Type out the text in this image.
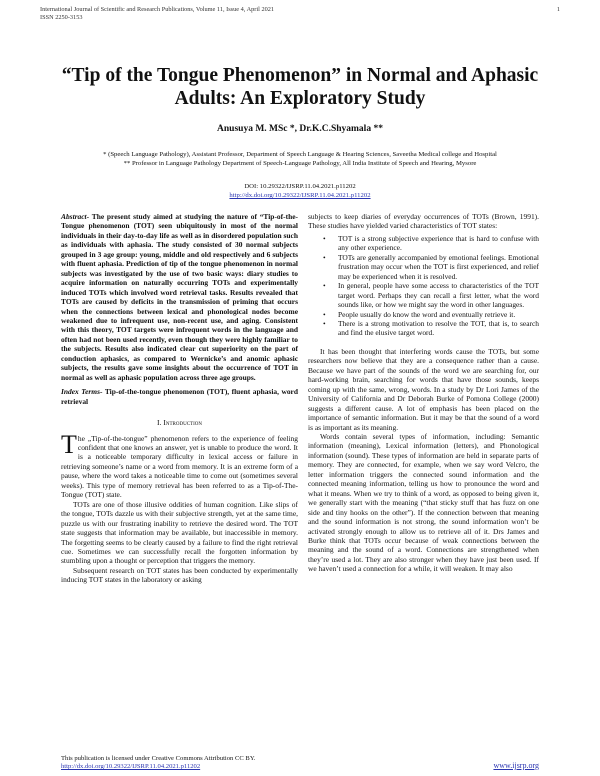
International Journal of Scientific and Research Publications, Volume 11, Issue 4, April 2021
ISSN 2250-3153
1
“Tip of the Tongue Phenomenon” in Normal and Aphasic Adults: An Exploratory Study
Anusuya M. MSc *, Dr.K.C.Shyamala **
* (Speech Language Pathology), Assistant Professor, Department of Speech Language & Hearing Sciences, Saveetha Medical college and Hospital
** Professor in Language Pathology Department of Speech-Language Pathology, All India Institute of Speech and Hearing, Mysore
DOI: 10.29322/IJSRP.11.04.2021.p11202
http://dx.doi.org/10.29322/IJSRP.11.04.2021.p11202

Abstract- The present study aimed at studying the nature of “Tip-of-the-Tongue phenomenon (TOT) seen ubiquitously in most of the normal individuals in their day-to-day life as well as in disordered population such as individuals with aphasia. The study consisted of 30 normal subjects grouped in 3 age group: young, middle and old respectively and 6 subjects with fluent aphasia. Prediction of tip of the tongue phenomenon in normal subjects was investigated by the use of two basic ways: diary studies to acquire information on naturally occurring TOTs and experimentally induced TOTs which involved word retrieval tasks. Results revealed that TOTs are caused by deficits in the transmission of priming that occurs when the connections between lexical and phonological nodes become weakened due to infrequent use, non-recent use, and aging. Consistent with this theory, TOT targets were infrequent words in the language and often had not been used recently, even though they were highly familiar to the subjects. Results also indicated clear cut superiority on the part of conduction aphasics, as compared to Wernicke’s and anomic aphasic subjects, the results gave some insights about the occurrence of TOT in normal as well as aphasic population across three age groups.

Index Terms- Tip-of-the-tongue phenomenon (TOT), fluent aphasia, word retrieval

I. Introduction

The „Tip-of-the-tongue” phenomenon refers to the experience of feeling confident that one knows an answer, yet is unable to produce the word. It is a noticeable temporary difficulty in lexical access or failure in retrieving someone’s name or a word from memory. It is an extreme form of a pause, where the word takes a noticeable time to come out (sometimes several weeks). This type of memory retrieval has been referred to as a Tip-of-The-Tongue (TOT) state.

TOTs are one of those illusive oddities of human cognition. Like slips of the tongue, TOTs dazzle us with their subjective strength, yet at the same time, puzzle us with our frustrating inability to retrieve the desired word. The TOT state suggests that information may be available, but inaccessible in memory. The forgetting seems to be clearly caused by a failure to find the right retrieval cue. Sometimes we can successfully recall the forgotten information by stumbling upon a thought or perception that triggers the memory.

Subsequent research on TOT states has been conducted by experimentally inducing TOT states in the laboratory or asking

subjects to keep diaries of everyday occurrences of TOTs (Brown, 1991). These studies have yielded varied characteristics of TOT states:

• TOT is a strong subjective experience that is hard to confuse with any other experience.
• TOTs are generally accompanied by emotional feelings. Emotional frustration may occur when the TOT is first experienced, and relief may be experienced when it is resolved.
• In general, people have some access to characteristics of the TOT target word. Perhaps they can recall a first letter, what the word sounds like, or how we might say the word in other languages.
• People usually do know the word and eventually retrieve it.
• There is a strong motivation to resolve the TOT, that is, to search and find the elusive target word.

It has been thought that interfering words cause the TOTs, but some researchers now believe that they are a consequence rather than a cause. Because we have part of the sounds of the word we are searching for, our hard-working brain, searching for words that have those sounds, keeps coming up with the same, wrong, words. In a study by Dr Lori James of the University of California and Dr Deborah Burke of Pomona College (2000) suggests a different cause. A lot of emphasis has been placed on the importance of semantic information. But it may be that the sound of a word is as important as its meaning.

Words contain several types of information, including: Semantic information (meaning), Lexical information (letters), and Phonological information (sound). These types of information are held in separate parts of memory. They are connected, for example, when we say word Velcro, the letter information triggers the connected sound information and the connected meaning information, telling us how to pronounce the word and what it means. When we try to think of a word, as opposed to being given it, we generally start with the meaning (“that sticky stuff that has fuzz on one side and tiny hooks on the other”). If the connection between that meaning and the sound information is not strong, the sound information won’t be activated strongly enough to allow us to retrieve all of it. Drs James and Burke think that TOTs occur because of weak connections between the meaning and the sound of a word. Connections are strengthened when they’re used a lot. They are also stronger when they have just been used. If we haven’t used a connection for a while, it will weaken. It may also

This publication is licensed under Creative Commons Attribution CC BY.
http://dx.doi.org/10.29322/IJSRP.11.04.2021.p11202	www.ijsrp.org
